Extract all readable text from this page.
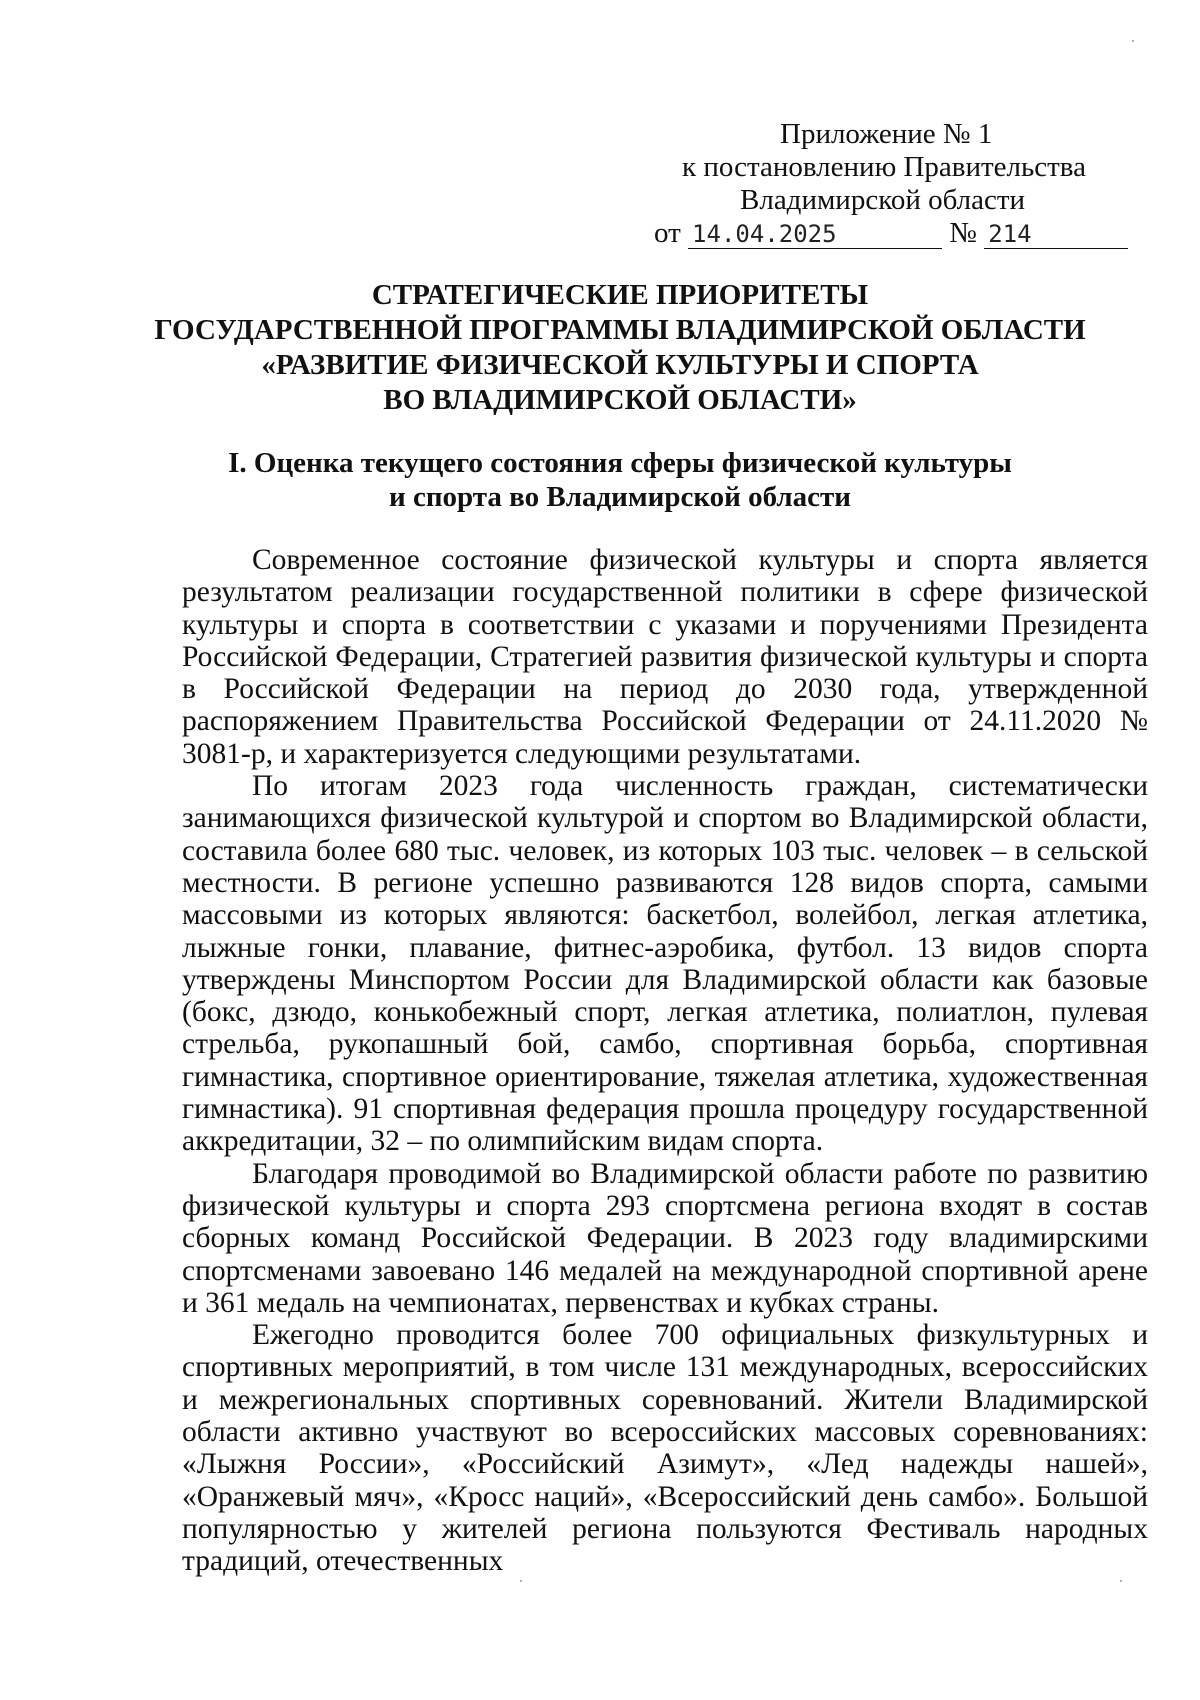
Приложение № 1
к постановлению Правительства
Владимирской области
от 14.04.2025	№ 214
СТРАТЕГИЧЕСКИЕ ПРИОРИТЕТЫ
ГОСУДАРСТВЕННОЙ ПРОГРАММЫ ВЛАДИМИРСКОЙ ОБЛАСТИ
«РАЗВИТИЕ ФИЗИЧЕСКОЙ КУЛЬТУРЫ И СПОРТА
ВО ВЛАДИМИРСКОЙ ОБЛАСТИ»
I. Оценка текущего состояния сферы физической культуры
и спорта во Владимирской области

Современное состояние физической культуры и спорта является результатом реализации государственной политики в сфере физической культуры и спорта в соответствии с указами и поручениями Президента Российской Федерации, Стратегией развития физической культуры и спорта в Российской Федерации на период до 2030 года, утвержденной распоряжением Правительства Российской Федерации от 24.11.2020 № 3081-р, и характеризуется следующими результатами.

По итогам 2023 года численность граждан, систематически занимающихся физической культурой и спортом во Владимирской области, составила более 680 тыс. человек, из которых 103 тыс. человек – в сельской местности. В регионе успешно развиваются 128 видов спорта, самыми массовыми из которых являются: баскетбол, волейбол, легкая атлетика, лыжные гонки, плавание, фитнес-аэробика, футбол. 13 видов спорта утверждены Минспортом России для Владимирской области как базовые (бокс, дзюдо, конькобежный спорт, легкая атлетика, полиатлон, пулевая стрельба, рукопашный бой, самбо, спортивная борьба, спортивная гимнастика, спортивное ориентирование, тяжелая атлетика, художественная гимнастика). 91 спортивная федерация прошла процедуру государственной аккредитации, 32 – по олимпийским видам спорта.

Благодаря проводимой во Владимирской области работе по развитию физической культуры и спорта 293 спортсмена региона входят в состав сборных команд Российской Федерации. В 2023 году владимирскими спортсменами завоевано 146 медалей на международной спортивной арене и 361 медаль на чемпионатах, первенствах и кубках страны.

Ежегодно проводится более 700 официальных физкультурных и спортивных мероприятий, в том числе 131 международных, всероссийских и межрегиональных спортивных соревнований. Жители Владимирской области активно участвуют во всероссийских массовых соревнованиях: «Лыжня России», «Российский Азимут», «Лед надежды нашей», «Оранжевый мяч», «Кросс наций», «Всероссийский день самбо». Большой популярностью у жителей региона пользуются Фестиваль народных традиций, отечественных
